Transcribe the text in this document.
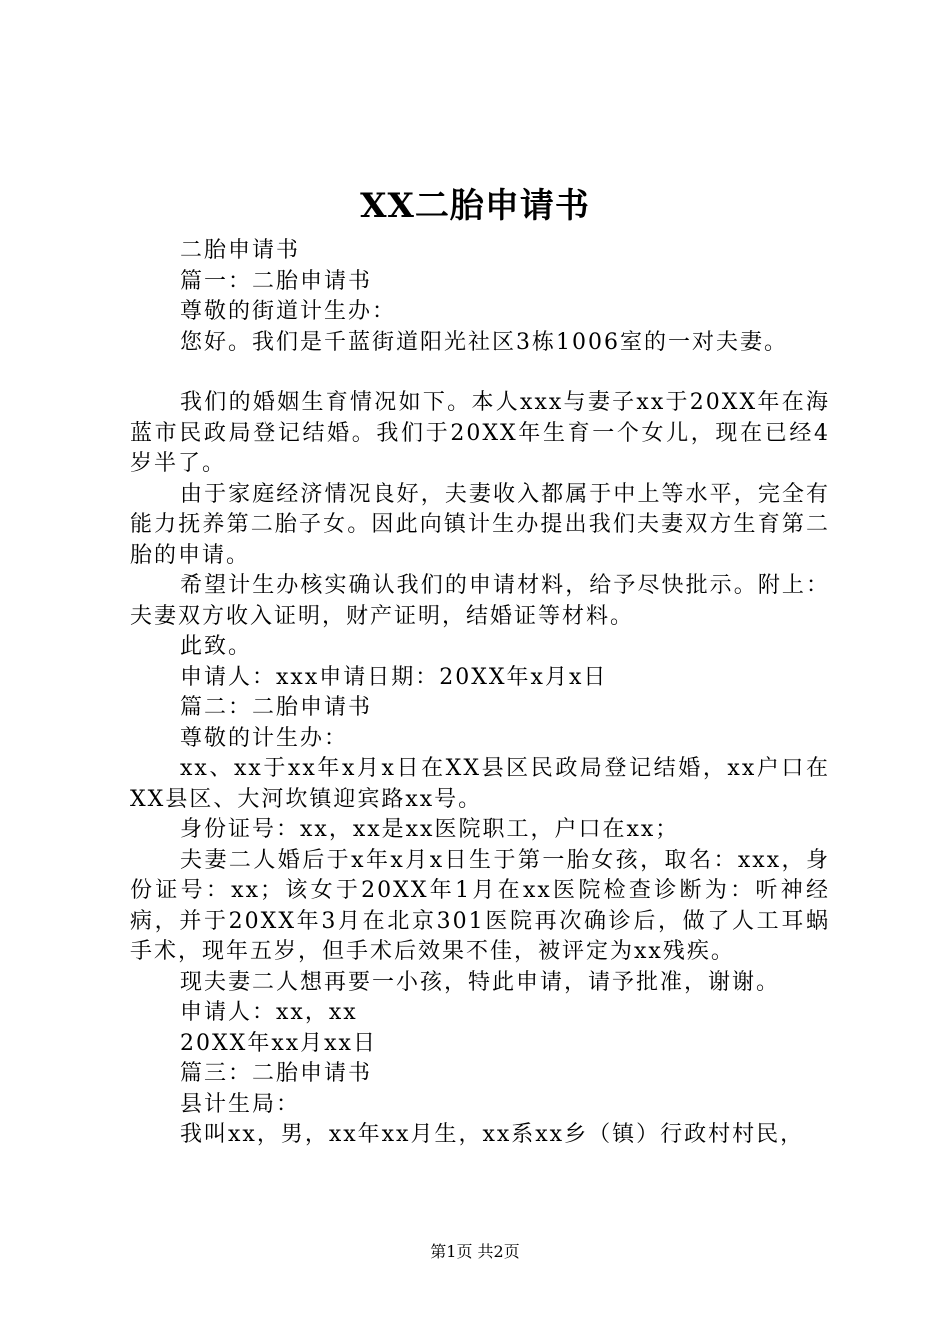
XX二胎申请书

二胎申请书

篇一：二胎申请书

尊敬的街道计生办：

您好。我们是千蓝街道阳光社区3栋1006室的一对夫妻。

我们的婚姻生育情况如下。本人xxx与妻子xx于20XX年在海蓝市民政局登记结婚。我们于20XX年生育一个女儿，现在已经4岁半了。

由于家庭经济情况良好，夫妻收入都属于中上等水平，完全有能力抚养第二胎子女。因此向镇计生办提出我们夫妻双方生育第二胎的申请。

希望计生办核实确认我们的申请材料，给予尽快批示。附上：夫妻双方收入证明，财产证明，结婚证等材料。

此致。

申请人：xxx申请日期：20XX年x月x日

篇二：二胎申请书

尊敬的计生办：

xx、xx于xx年x月x日在XX县区民政局登记结婚，xx户口在XX县区、大河坎镇迎宾路xx号。

身份证号：xx，xx是xx医院职工，户口在xx；

夫妻二人婚后于x年x月x日生于第一胎女孩，取名：xxx，身份证号：xx；该女于20XX年1月在xx医院检查诊断为：听神经病，并于20XX年3月在北京301医院再次确诊后，做了人工耳蜗手术，现年五岁，但手术后效果不佳，被评定为xx残疾。

现夫妻二人想再要一小孩，特此申请，请予批准，谢谢。

申请人：xx，xx

20XX年xx月xx日

篇三：二胎申请书

县计生局：

我叫xx，男，xx年xx月生，xx系xx乡（镇）行政村村民，

第1页 共2页
